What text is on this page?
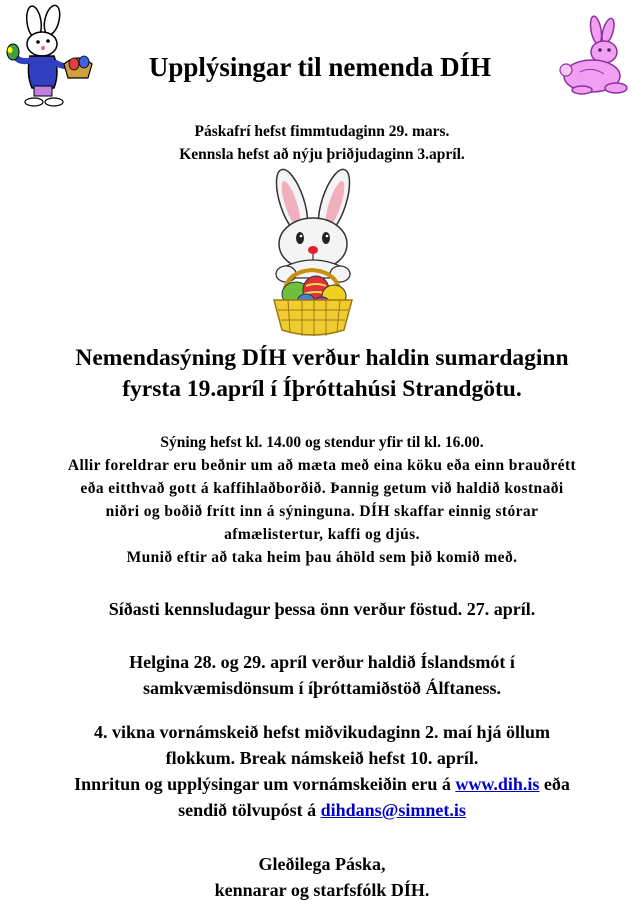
Upplýsingar til nemenda DÍH
Páskafrí hefst fimmtudaginn 29. mars.
Kennsla hefst að nýju þriðjudaginn 3.apríl.
Nemendasýning DÍH verður haldin sumardaginn
fyrsta 19.apríl í Íþróttahúsi Strandgötu.
Sýning hefst kl. 14.00 og stendur yfir til kl. 16.00.
Allir foreldrar eru beðnir um að mæta með eina köku eða einn brauðrétt
eða eitthvað gott á kaffihlaðborðið. Þannig getum við haldið kostnaði
niðri og boðið frítt inn á sýninguna. DÍH skaffar einnig stórar
afmælistertur, kaffi og djús.
Munið eftir að taka heim þau áhöld sem þið komið með.
Síðasti kennsludagur þessa önn verður föstud. 27. apríl.
Helgina 28. og 29. apríl verður haldið Íslandsmót í
samkvæmisdönsum í íþróttamiðstöð Álftaness.
4. vikna vornámskeið hefst miðvikudaginn 2. maí hjá öllum
flokkum. Break námskeið hefst 10. apríl.
Innritun og upplýsingar um vornámskeiðin eru á www.dih.is eða
sendið tölvupóst á dihdans@simnet.is
Gleðilega Páska,
kennarar og starfsfólk DÍH.
